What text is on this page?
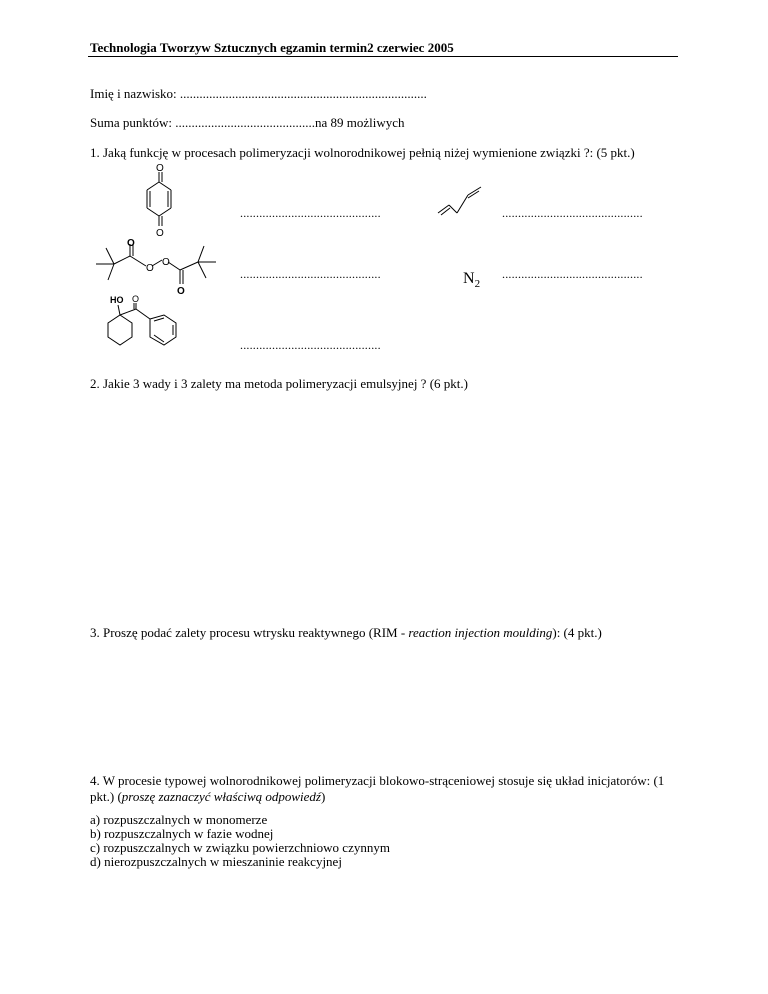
Technologia Tworzyw Sztucznych egzamin termin2 czerwiec 2005
Imię i nazwisko: ............................................................................
Suma punktów: ...........................................na 89 możliwych
1. Jaką funkcję w procesach polimeryzacji wolnorodnikowej pełnią niżej wymienione związki ?: (5 pkt.)
O
O
............................................	............................................
O
O
O
O
............................................	$N_2$
............................................
HO O
............................................
2. Jakie 3 wady i 3 zalety ma metoda polimeryzacji emulsyjnej ? (6 pkt.)
3. Proszę podać zalety procesu wtrysku reaktywnego (RIM - reaction injection moulding): (4 pkt.)
4. W procesie typowej wolnorodnikowej polimeryzacji blokowo-strąceniowej stosuje się układ inicjatorów: (1 pkt.) (proszę zaznaczyć właściwą odpowiedź)
a) rozpuszczalnych w monomerze
b) rozpuszczalnych w fazie wodnej
c) rozpuszczalnych w związku powierzchniowo czynnym
d) nierozpuszczalnych w mieszaninie reakcyjnej
